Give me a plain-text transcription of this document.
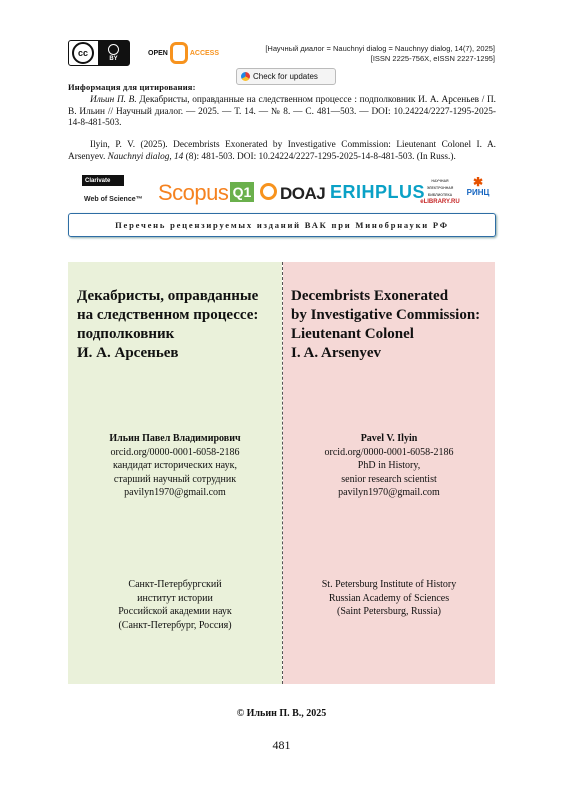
cc
BY
OPEN	ACCESS	[Научный диалог = Nauchnyi dialog = Nauchnyy dialog, 14(7), 2025]
[ISSN 2225-756X, eISSN 2227-1295]
Check for updates
Информация для цитирования:
Ильин П. В. Декабристы, оправданные на следственном процессе : подполковник И. А. Арсеньев / П. В. Ильин // Научный диалог. — 2025. — Т. 14. — № 8. — С. 481—503. — DOI: 10.24224/2227-1295-2025-14-8-481-503.
Ilyin, P. V. (2025). Decembrists Exonerated by Investigative Commission: Lieutenant Colonel I. A. Arsenyev. Nauchnyi dialog, 14 (8): 481-503. DOI: 10.24224/2227-1295-2025-14-8-481-503. (In Russ.).
Clarivate
Web of Science™ Scopus Q1	DOAJ ERIHPLUS
НАУЧНАЯ ЭЛЕКТРОННАЯ БИБЛИОТЕКА
eLIBRARY.RU
✱
РИНЦ
Перечень рецензируемых изданий ВАК при Минобрнауки РФ
Декабристы, оправданные
на следственном процессе:
подполковник
И. А. Арсеньев
Decembrists Exonerated
by Investigative Commission:
Lieutenant Colonel
I. A. Arsenyev
Ильин Павел Владимирович
orcid.org/0000-0001-6058-2186
кандидат исторических наук,
старший научный сотрудник
pavilyn1970@gmail.com
Pavel V. Ilyin
orcid.org/0000-0001-6058-2186
PhD in History,
senior research scientist
pavilyn1970@gmail.com
Санкт-Петербургский
институт истории
Российской академии наук
(Санкт-Петербург, Россия)
St. Petersburg Institute of History
Russian Academy of Sciences
(Saint Petersburg, Russia)
© Ильин П. В., 2025
481
